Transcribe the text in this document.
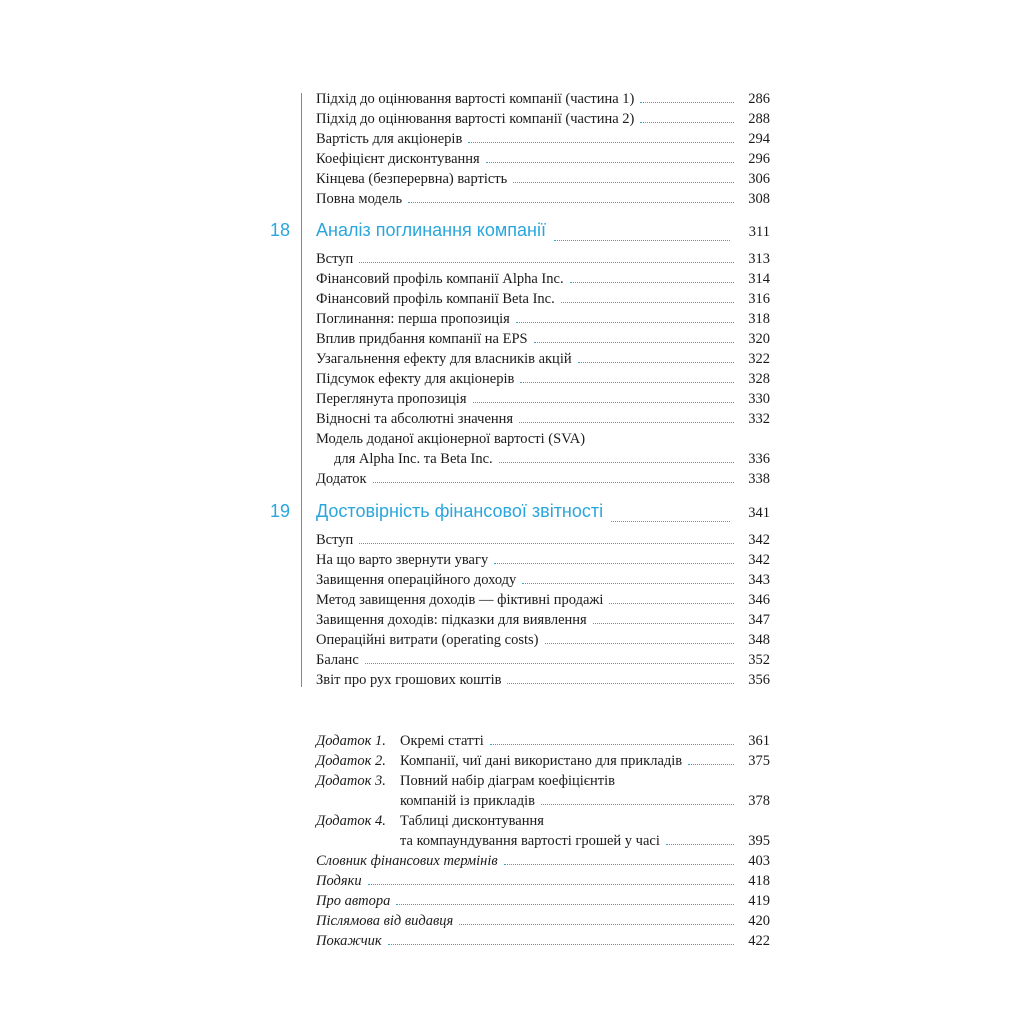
Підхід до оцінювання вартості компанії (частина 1)	286
Підхід до оцінювання вартості компанії (частина 2)	288
Вартість для акціонерів	294
Коефіцієнт дисконтування	296
Кінцева (безперервна) вартість	306
Повна модель	308
18	Аналіз поглинання компанії	311
Вступ	313
Фінансовий профіль компанії Alpha Inc.	314
Фінансовий профіль компанії Beta Inc.	316
Поглинання: перша пропозиція	318
Вплив придбання компанії на EPS	320
Узагальнення ефекту для власників акцій	322
Підсумок ефекту для акціонерів	328
Переглянута пропозиція	330
Відносні та абсолютні значення	332
Модель доданої акціонерної вартості (SVA)
для Alpha Inc. та Beta Inc.	336
Додаток	338
19	Достовірність фінансової звітності	341
Вступ	342
На що варто звернути увагу	342
Завищення операційного доходу	343
Метод завищення доходів — фіктивні продажі	346
Завищення доходів: підказки для виявлення	347
Операційні витрати (operating costs)	348
Баланс	352
Звіт про рух грошових коштів	356
Додаток 1. Окремі статті	361
Додаток 2. Компанії, чиї дані використано для прикладів	375
Додаток 3. Повний набір діаграм коефіцієнтів
компаній із прикладів	378
Додаток 4. Таблиці дисконтування
та компаундування вартості грошей у часі	395
Словник фінансових термінів	403
Подяки	418
Про автора	419
Післямова від видавця	420
Покажчик	422
